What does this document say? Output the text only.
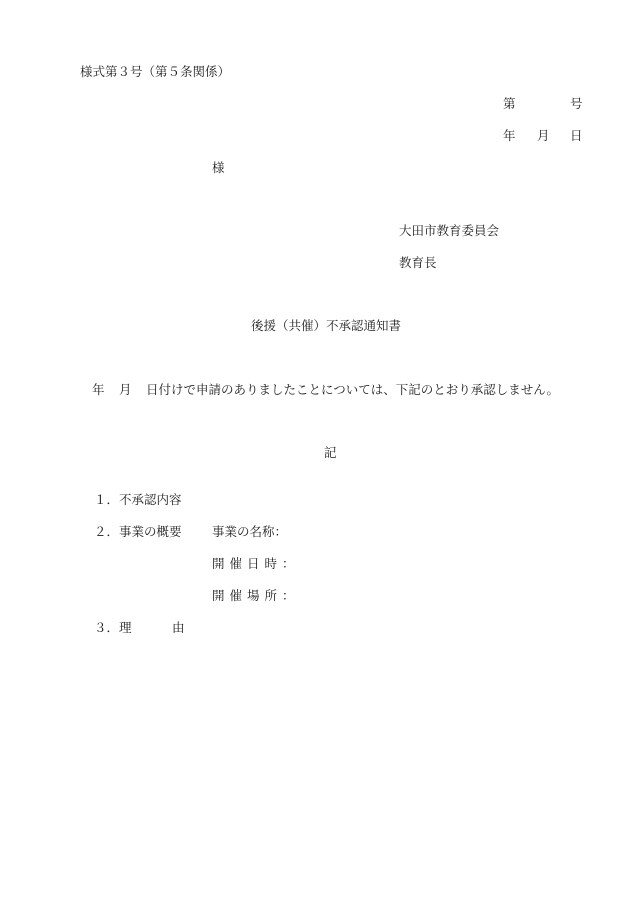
様式第３号（第５条関係）
第	号
年 月 日
様
大田市教育委員会
教育長
後援（共催）不承認通知書
年 月 日付けで申請のありましたことについては、下記のとおり承認しません。
記
１． 不承認内容
２． 事業の概要 事業の名称：
開催日時：
開催場所：
３． 理	由
